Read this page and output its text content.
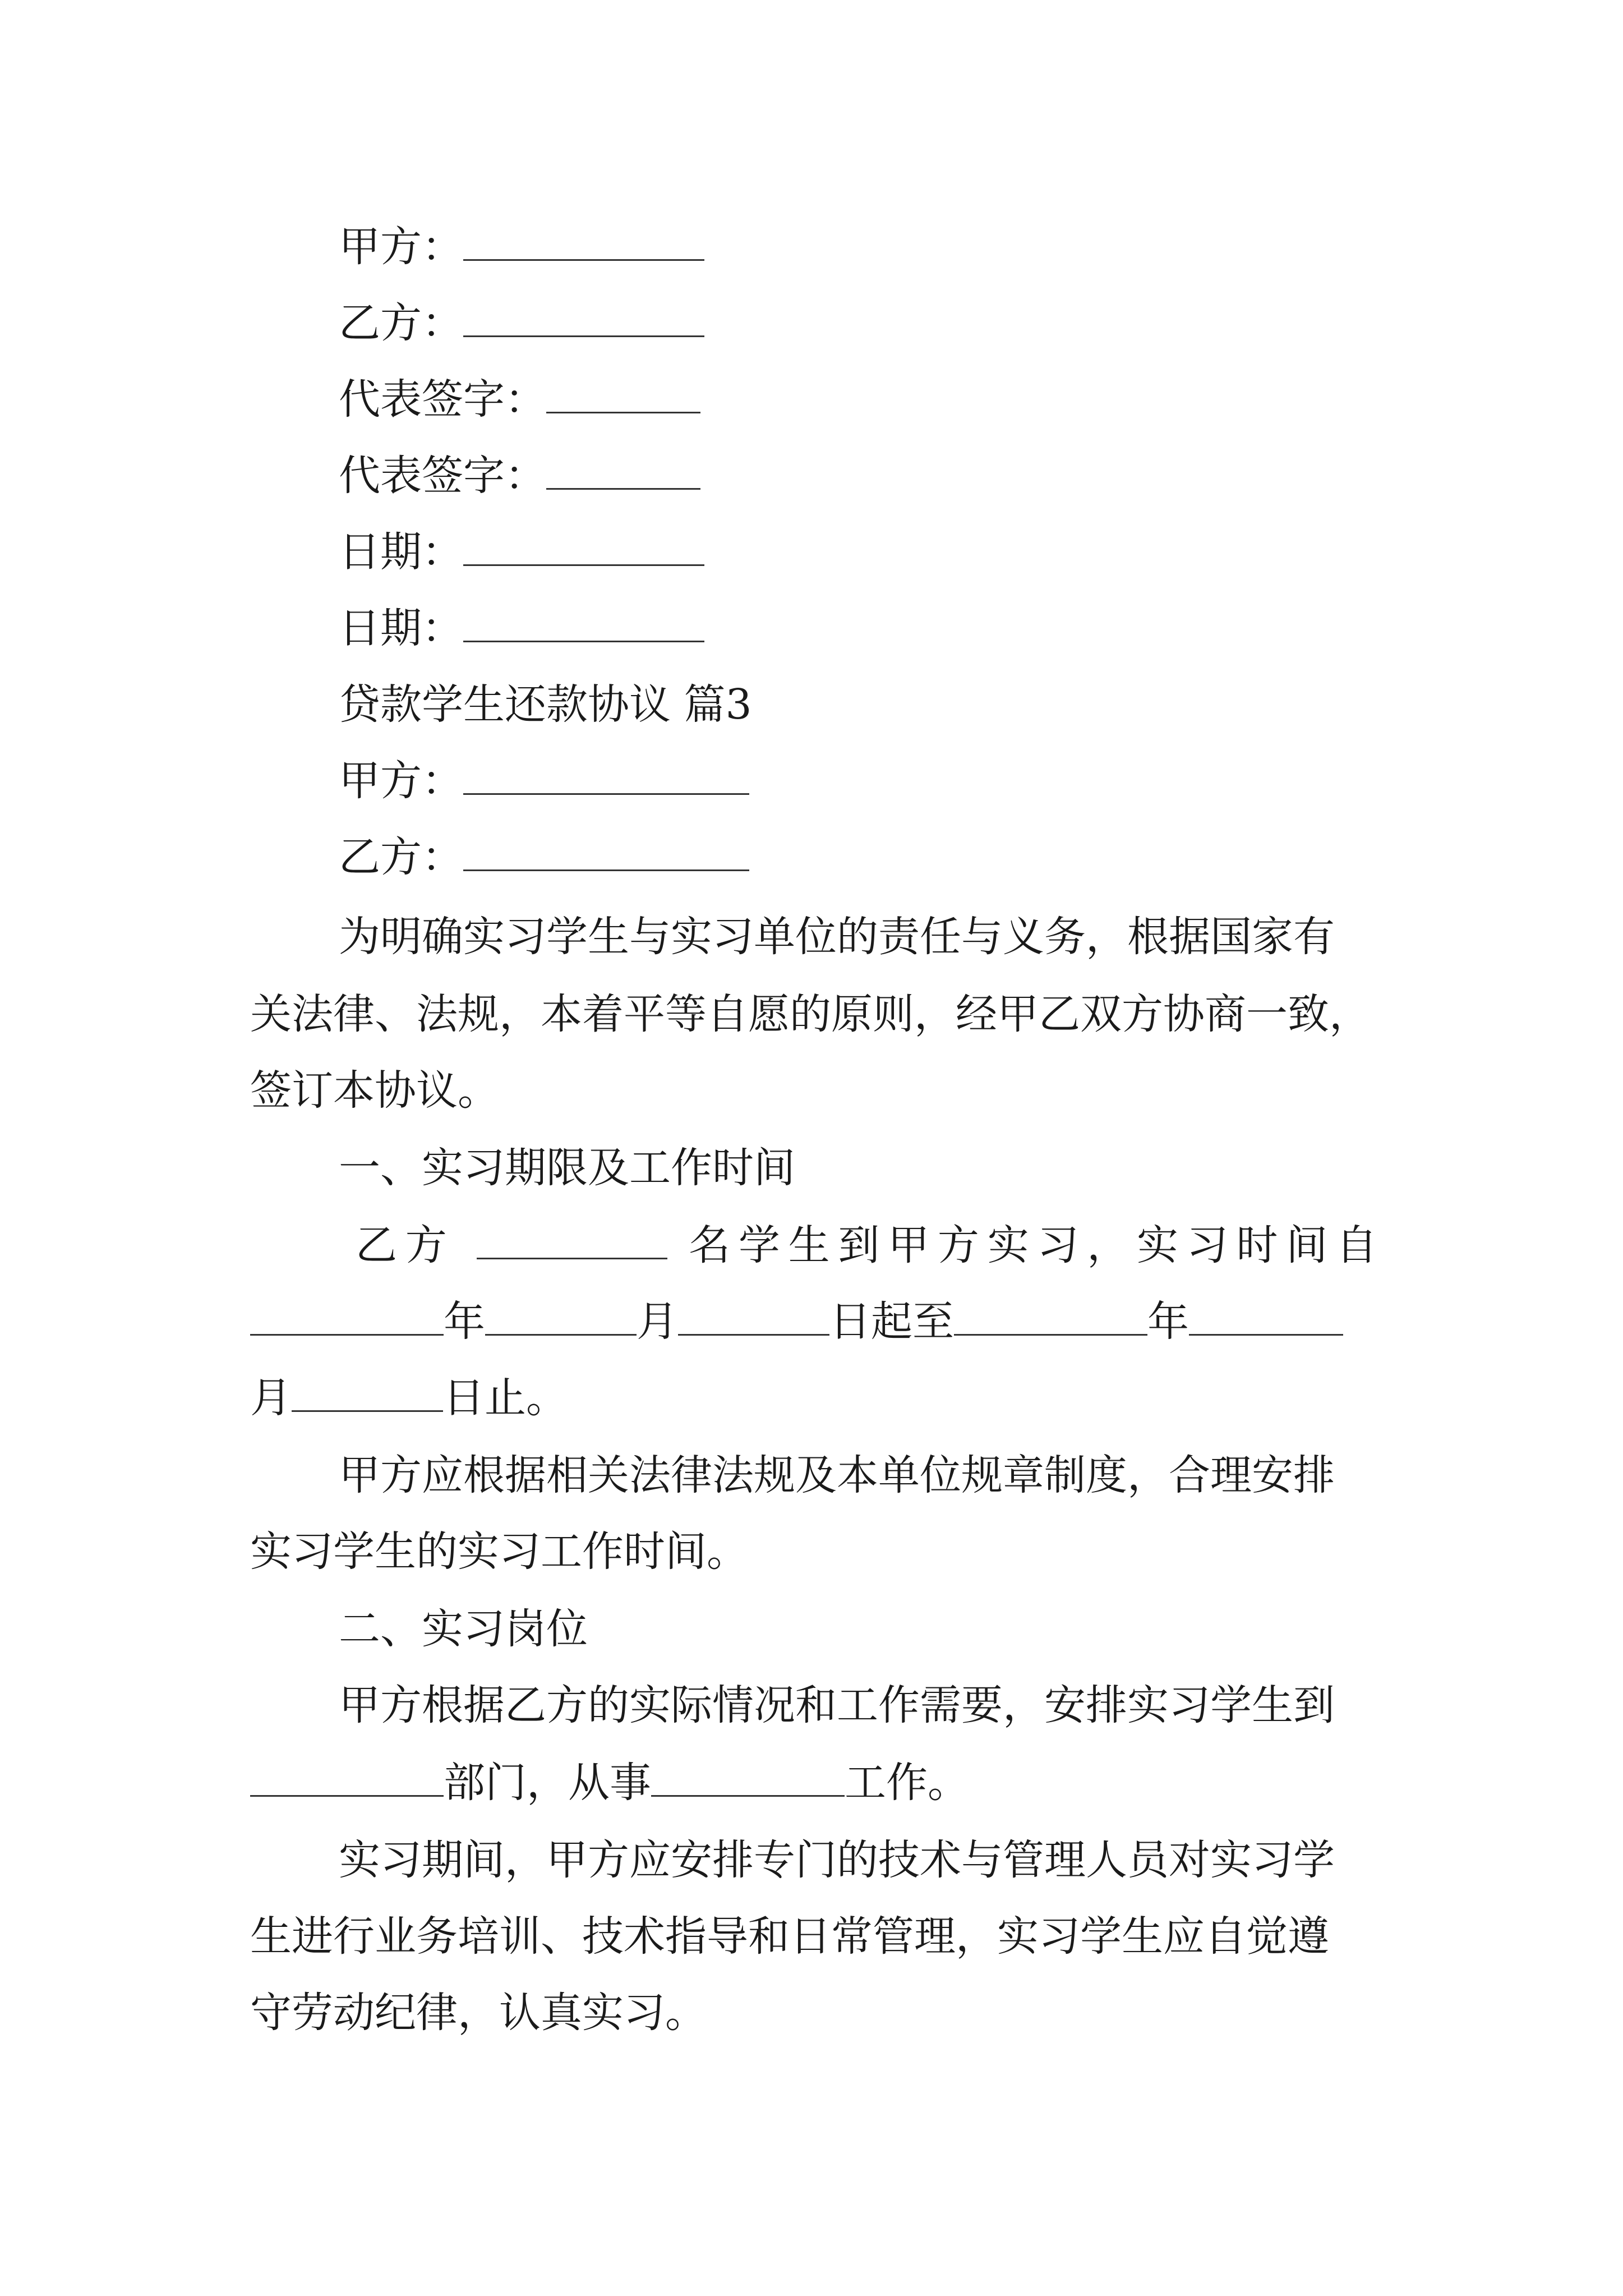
甲方：
乙方：
代表签字：
代表签字：
日期：
日期：
贷款学生还款协议 篇3
甲方：
乙方：
为明确实习学生与实习单位的责任与义务，根据国家有
关法律、法规，本着平等自愿的原则，经甲乙双方协商一致，
签订本协议。
一、实习期限及工作时间
乙方	名学生到甲方实习，实习时间自
年	月	日起至	年
月	日止。
甲方应根据相关法律法规及本单位规章制度，合理安排
实习学生的实习工作时间。
二、实习岗位
甲方根据乙方的实际情况和工作需要，安排实习学生到
部门，从事	工作。
实习期间，甲方应安排专门的技术与管理人员对实习学
生进行业务培训、技术指导和日常管理，实习学生应自觉遵
守劳动纪律，认真实习。
